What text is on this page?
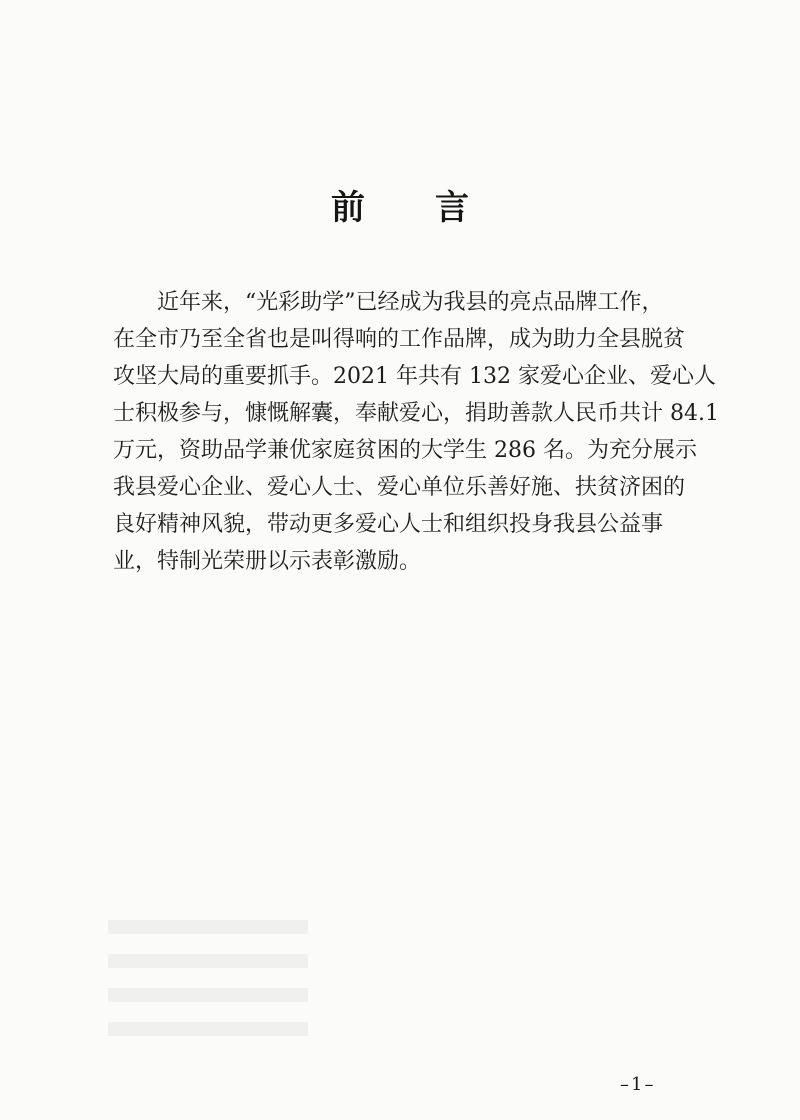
前言
近年来，“光彩助学”已经成为我县的亮点品牌工作，
在全市乃至全省也是叫得响的工作品牌，成为助力全县脱贫
攻坚大局的重要抓手。2021 年共有 132 家爱心企业、爱心人
士积极参与，慷慨解囊，奉献爱心，捐助善款人民币共计 84.1
万元，资助品学兼优家庭贫困的大学生 286 名。为充分展示
我县爱心企业、爱心人士、爱心单位乐善好施、扶贫济困的
良好精神风貌，带动更多爱心人士和组织投身我县公益事
业，特制光荣册以示表彰激励。
–1–
